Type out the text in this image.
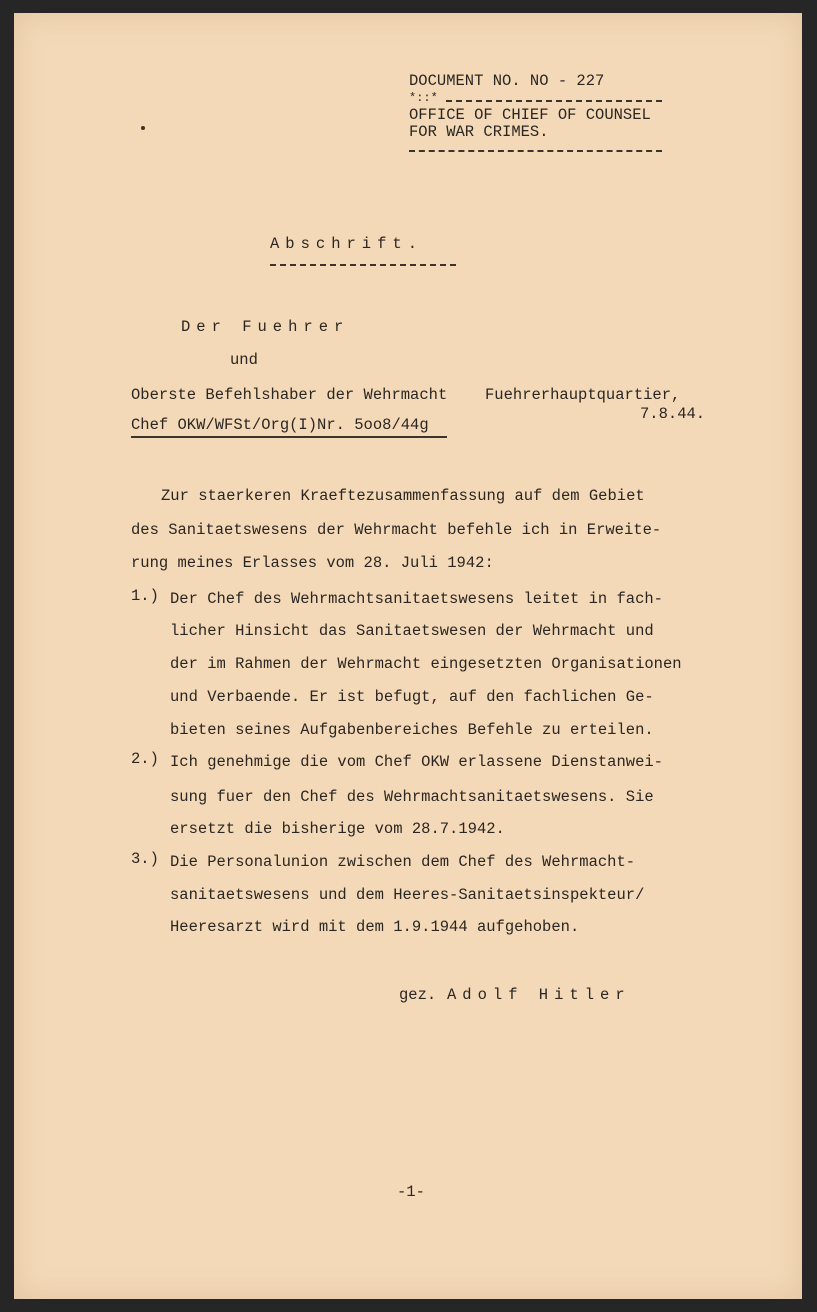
DOCUMENT NO. NO - 227
*::*
OFFICE OF CHIEF OF COUNSEL
FOR WAR CRIMES.
Abschrift.
Der Fuehrer
und
Oberste Befehlshaber der Wehrmacht Fuehrerhauptquartier,
7.8.44.
Chef OKW/WFSt/Org(I)Nr. 5oo8/44g
Zur staerkeren Kraeftezusammenfassung auf dem Gebiet
des Sanitaetswesens der Wehrmacht befehle ich in Erweite-
rung meines Erlasses vom 28. Juli 1942:
1.) Der Chef des Wehrmachtsanitaetswesens leitet in fach-
licher Hinsicht das Sanitaetswesen der Wehrmacht und
der im Rahmen der Wehrmacht eingesetzten Organisationen
und Verbaende. Er ist befugt, auf den fachlichen Ge-
bieten seines Aufgabenbereiches Befehle zu erteilen.
2.) Ich genehmige die vom Chef OKW erlassene Dienstanwei-
sung fuer den Chef des Wehrmachtsanitaetswesens. Sie
ersetzt die bisherige vom 28.7.1942.
3.) Die Personalunion zwischen dem Chef des Wehrmacht-
sanitaetswesens und dem Heeres-Sanitaetsinspekteur/
Heeresarzt wird mit dem 1.9.1944 aufgehoben.
gez. Adolf Hitler
-1-
